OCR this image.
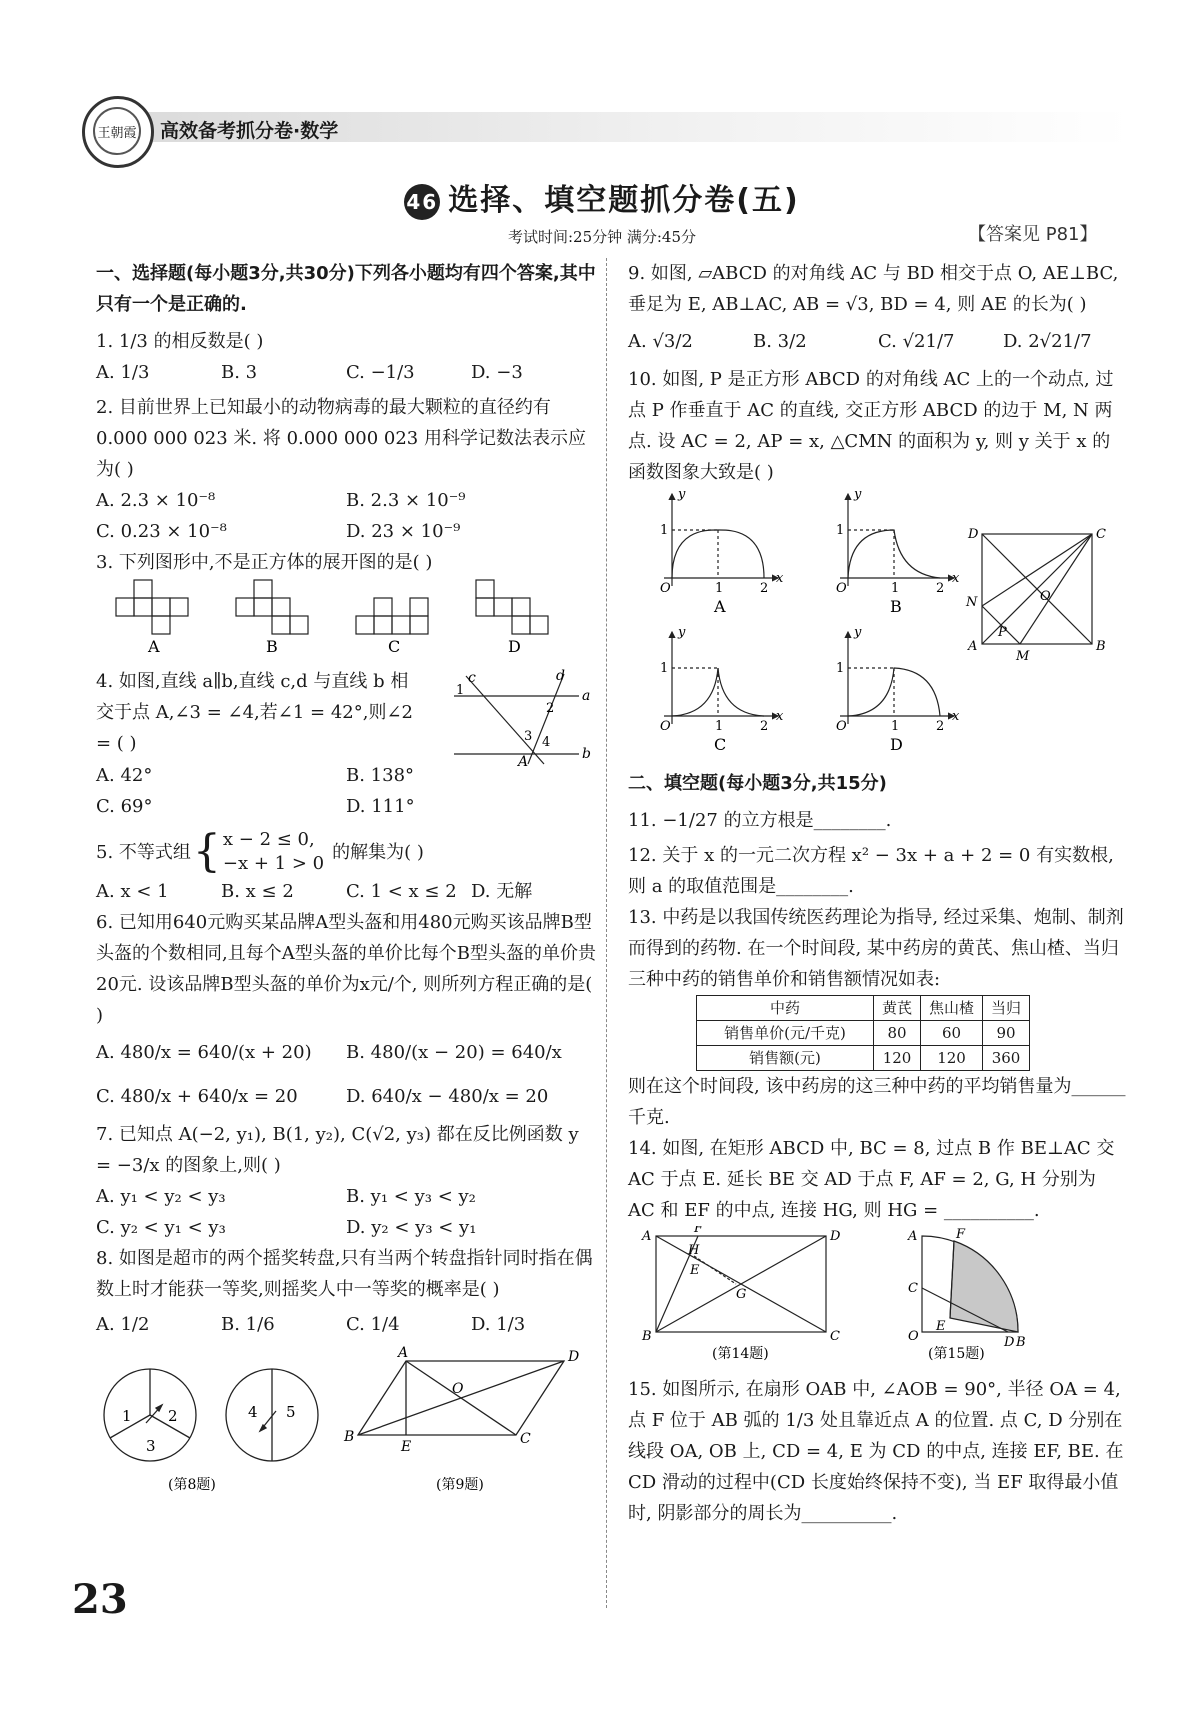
王朝霞 高效备考抓分卷·数学
46 选择、填空题抓分卷(五)
考试时间:25分钟 满分:45分	【答案见 P81】

一、选择题(每小题3分,共30分)下列各小题均有四个答案,其中只有一个是正确的.

1. 1/3 的相反数是( )

A. 1/3	B. 3	C. −1/3	D. −3

2. 目前世界上已知最小的动物病毒的最大颗粒的直径约有 0.000 000 023 米. 将 0.000 000 023 用科学记数法表示应为( )

A. 2.3 × 10⁻⁸	B. 2.3 × 10⁻⁹
C. 0.23 × 10⁻⁸	D. 23 × 10⁻⁹

3. 下列图形中,不是正方体的展开图的是( )

A	B	C	D

4. 如图,直线 a∥b,直线 c,d 与直线 b 相交于点 A,∠3 = ∠4,若∠1 = 42°,则∠2 = ( )

c	d
a
b
A
1
2
3 4
A. 42°	B. 138°
C. 69°	D. 111°
5. 不等式组 { x − 2 ≤ 0,
−x + 1 > 0
的解集为( )
A. x < 1	B. x ≤ 2	C. 1 < x ≤ 2 D. 无解

6. 已知用640元购买某品牌A型头盔和用480元购买该品牌B型头盔的个数相同,且每个A型头盔的单价比每个B型头盔的单价贵20元. 设该品牌B型头盔的单价为x元/个, 则所列方程正确的是( )

A. 480/x = 640/(x + 20)	B. 480/(x − 20) = 640/x
C. 480/x + 640/x = 20	D. 640/x − 480/x = 20

7. 已知点 A(−2, y₁), B(1, y₂), C(√2, y₃) 都在反比例函数 y = −3/x 的图象上,则( )

A. y₁ < y₂ < y₃	B. y₁ < y₃ < y₂
C. y₂ < y₁ < y₃	D. y₂ < y₃ < y₁

8. 如图是超市的两个摇奖转盘,只有当两个转盘指针同时指在偶数上时才能获一等奖,则摇奖人中一等奖的概率是( )

A. 1/2	B. 1/6	C. 1/4	D. 1/3
1 2
3
4 5
(第8题)
A	D
B	C
E
O
(第9题)

9. 如图, ▱ABCD 的对角线 AC 与 BD 相交于点 O, AE⊥BC, 垂足为 E, AB⊥AC, AB = √3, BD = 4, 则 AE 的长为( )

A. √3/2	B. 3/2	C. √21/7	D. 2√21/7

10. 如图, P 是正方形 ABCD 的对角线 AC 上的一个动点, 过点 P 作垂直于 AC 的直线, 交正方形 ABCD 的边于 M, N 两点. 设 AC = 2, AP = x, △CMN 的面积为 y, 则 y 关于 x 的函数图象大致是( )

y
x
O
1
1	2
A
y
x
O
1
1	2
B
y
x
O
1
1	2
C
y
x
O
1
1	2
D
D	C
A	B
N
M
O
P

二、填空题(每小题3分,共15分)

11. −1/27 的立方根是________.

12. 关于 x 的一元二次方程 x² − 3x + a + 2 = 0 有实数根, 则 a 的取值范围是________.

13. 中药是以我国传统医药理论为指导, 经过采集、炮制、制剂而得到的药物. 在一个时间段, 某中药房的黄芪、焦山楂、当归三种中药的销售单价和销售额情况如表:

中药	黄芪	焦山楂	当归
销售单价(元/千克)	80	60	90
销售额(元)	120	120	360

则在这个时间段, 该中药房的这三种中药的平均销售量为______千克.

14. 如图, 在矩形 ABCD 中, BC = 8, 过点 B 作 BE⊥AC 交 AC 于点 E. 延长 BE 交 AD 于点 F, AF = 2, G, H 分别为 AC 和 EF 的中点, 连接 HG, 则 HG = __________.

A	D
B	C
F
H
E
G
(第14题)
A	F
C
E
O	D B
(第15题)

15. 如图所示, 在扇形 OAB 中, ∠AOB = 90°, 半径 OA = 4, 点 F 位于 AB 弧的 1/3 处且靠近点 A 的位置. 点 C, D 分别在线段 OA, OB 上, CD = 4, E 为 CD 的中点, 连接 EF, BE. 在 CD 滑动的过程中(CD 长度始终保持不变), 当 EF 取得最小值时, 阴影部分的周长为__________.

23
